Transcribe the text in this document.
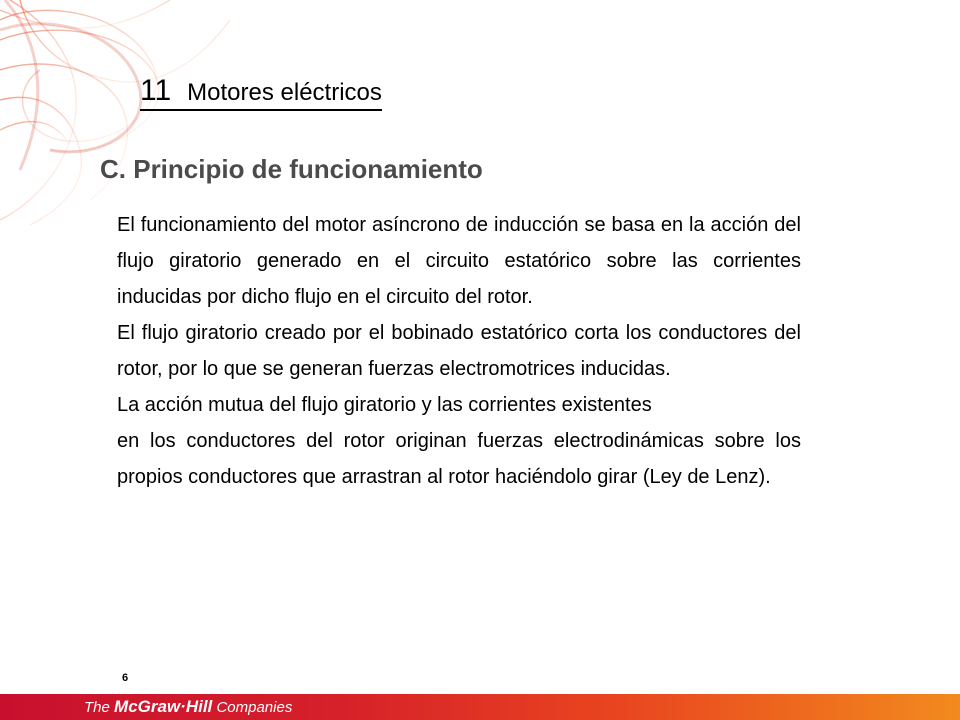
11 Motores eléctricos
C. Principio de funcionamiento
El funcionamiento del motor asíncrono de inducción se basa en la acción del flujo giratorio generado en el circuito estatórico sobre las corrientes inducidas por dicho flujo en el circuito del rotor.
El flujo giratorio creado por el bobinado estatórico corta los conductores del rotor, por lo que se generan fuerzas electromotrices inducidas.
La acción mutua del flujo giratorio y las corrientes existentes
en los conductores del rotor originan fuerzas electrodinámicas sobre los propios conductores que arrastran al rotor haciéndolo girar (Ley de Lenz).
6
The McGraw·Hill Companies
